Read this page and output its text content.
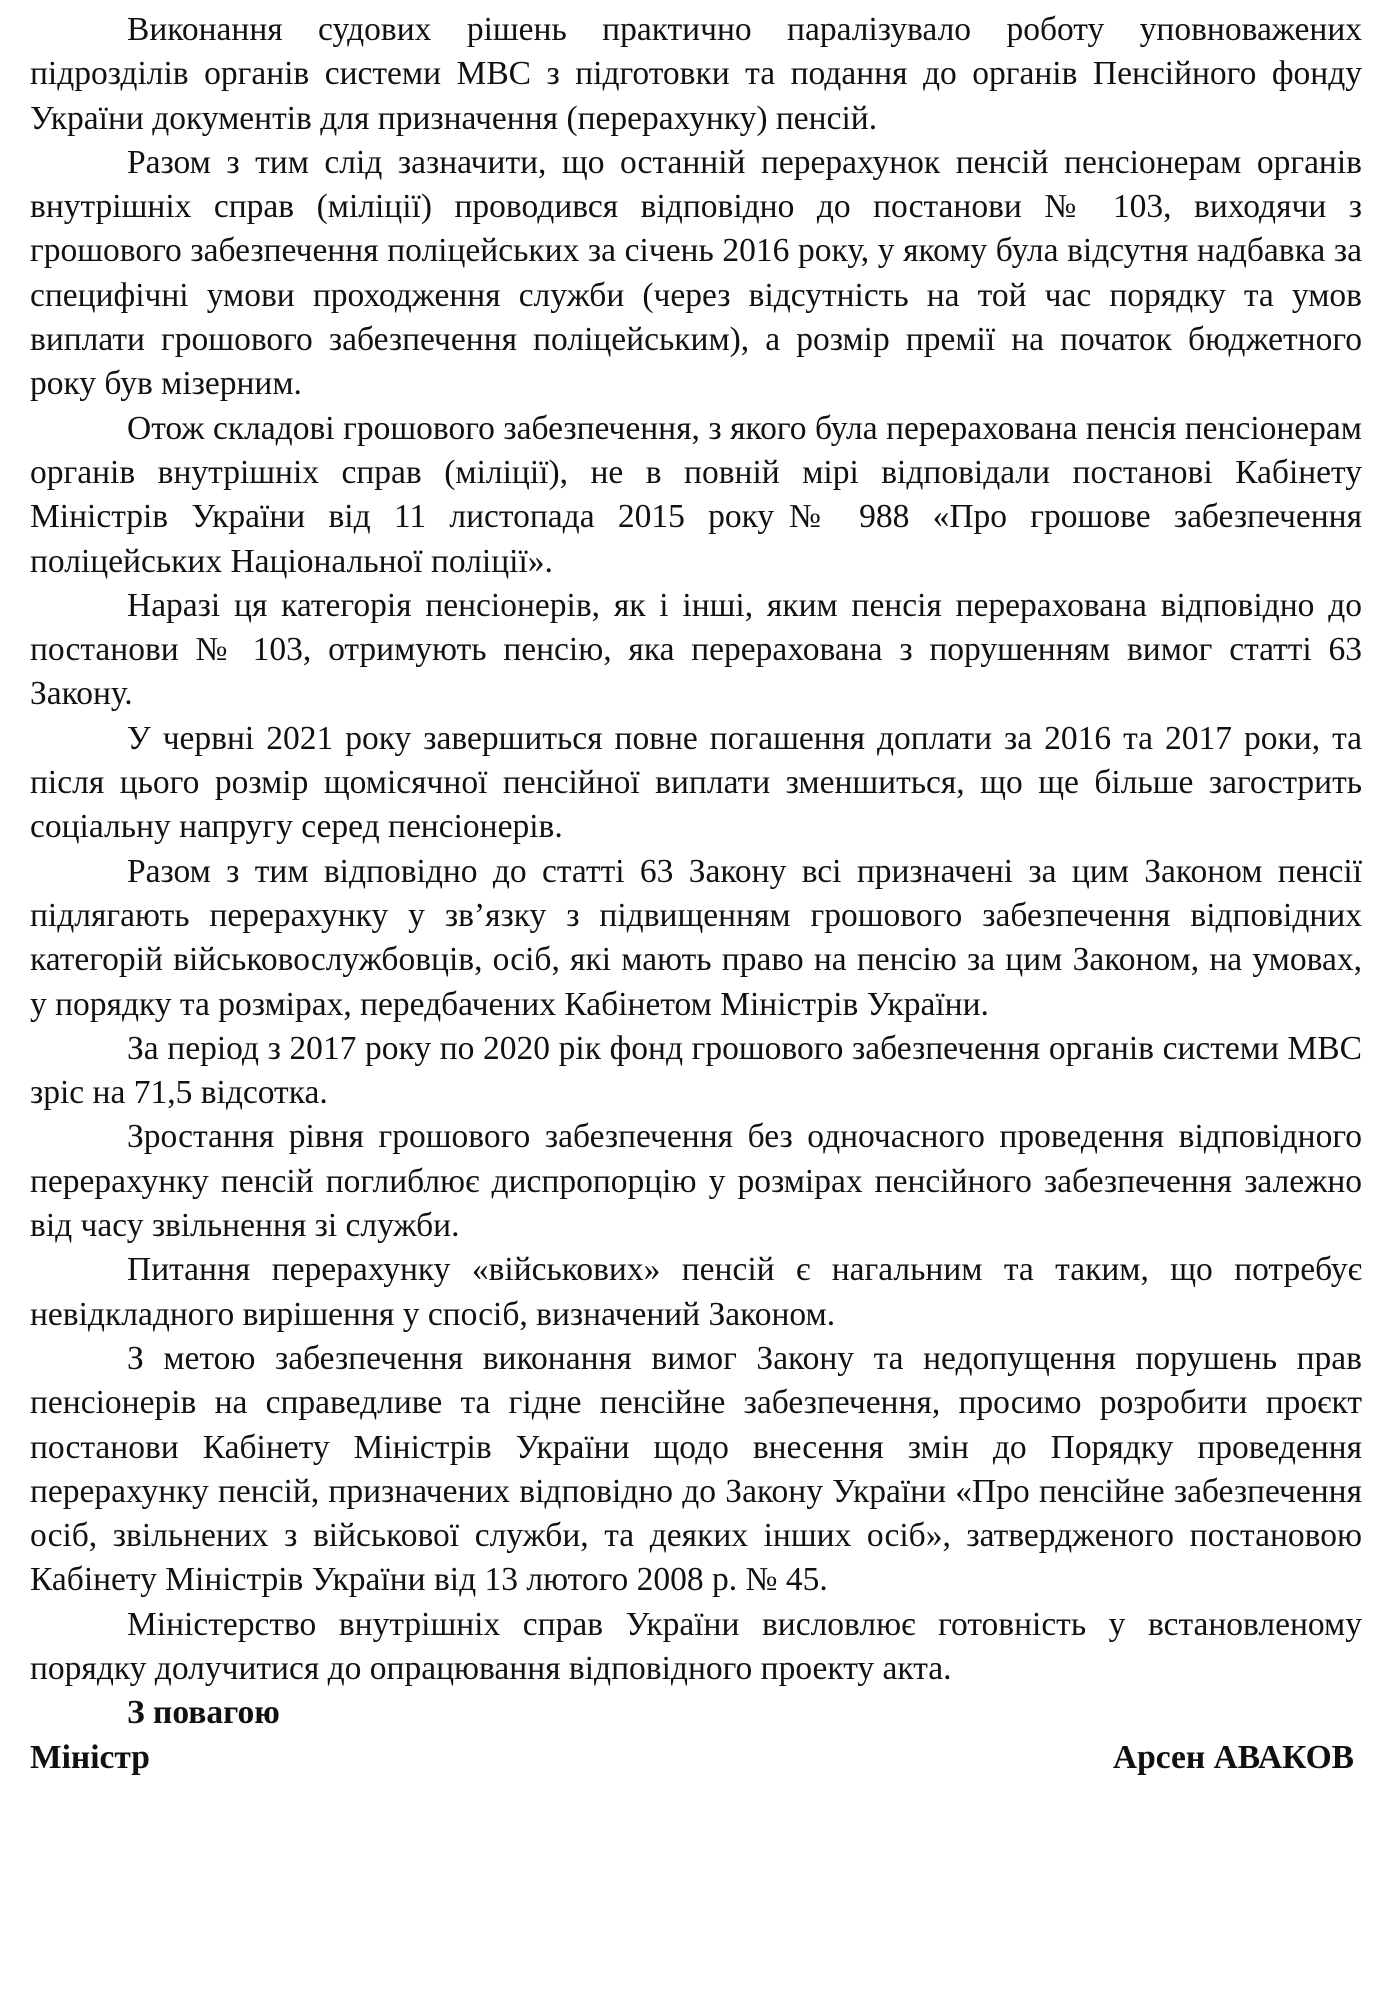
Виконання судових рішень практично паралізувало роботу уповноважених підрозділів органів системи МВС з підготовки та подання до органів Пенсійного фонду України документів для призначення (перерахунку) пенсій.

Разом з тим слід зазначити, що останній перерахунок пенсій пенсіонерам органів внутрішніх справ (міліції) проводився відповідно до постанови № 103, виходячи з грошового забезпечення поліцейських за січень 2016 року, у якому була відсутня надбавка за специфічні умови проходження служби (через відсутність на той час порядку та умов виплати грошового забезпечення поліцейським), а розмір премії на початок бюджетного року був мізерним.

Отож складові грошового забезпечення, з якого була перерахована пенсія пенсіонерам органів внутрішніх справ (міліції), не в повній мірі відповідали постанові Кабінету Міністрів України від 11 листопада 2015 року№ 988 «Про грошове забезпечення поліцейських Національної поліції».

Наразі ця категорія пенсіонерів, як і інші, яким пенсія перерахована відповідно до постанови № 103, отримують пенсію, яка перерахована з порушенням вимог статті 63 Закону.

У червні 2021 року завершиться повне погашення доплати за 2016 та 2017 роки, та після цього розмір щомісячної пенсійної виплати зменшиться, що ще більше загострить соціальну напругу серед пенсіонерів.

Разом з тим відповідно до статті 63 Закону всі призначені за цим Законом пенсії підлягають перерахунку у зв’язку з підвищенням грошового забезпечення відповідних категорій військовослужбовців, осіб, які мають право на пенсію за цим Законом, на умовах, у порядку та розмірах, передбачених Кабінетом Міністрів України.

За період з 2017 року по 2020 рік фонд грошового забезпечення органів системи МВС зріс на 71,5 відсотка.

Зростання рівня грошового забезпечення без одночасного проведення відповідного перерахунку пенсій поглиблює диспропорцію у розмірах пенсійного забезпечення залежно від часу звільнення зі служби.

Питання перерахунку «військових» пенсій є нагальним та таким, що потребує невідкладного вирішення у спосіб, визначений Законом.

З метою забезпечення виконання вимог Закону та недопущення порушень прав пенсіонерів на справедливе та гідне пенсійне забезпечення, просимо розробити проєкт постанови Кабінету Міністрів України щодо внесення змін до Порядку проведення перерахунку пенсій, призначених відповідно до Закону України «Про пенсійне забезпечення осіб, звільнених з військової служби, та деяких інших осіб», затвердженого постановою Кабінету Міністрів України від 13 лютого 2008 р. № 45.

Міністерство внутрішніх справ України висловлює готовність у встановленому порядку долучитися до опрацювання відповідного проекту акта.

З повагою

Міністр	Арсен АВАКОВ
